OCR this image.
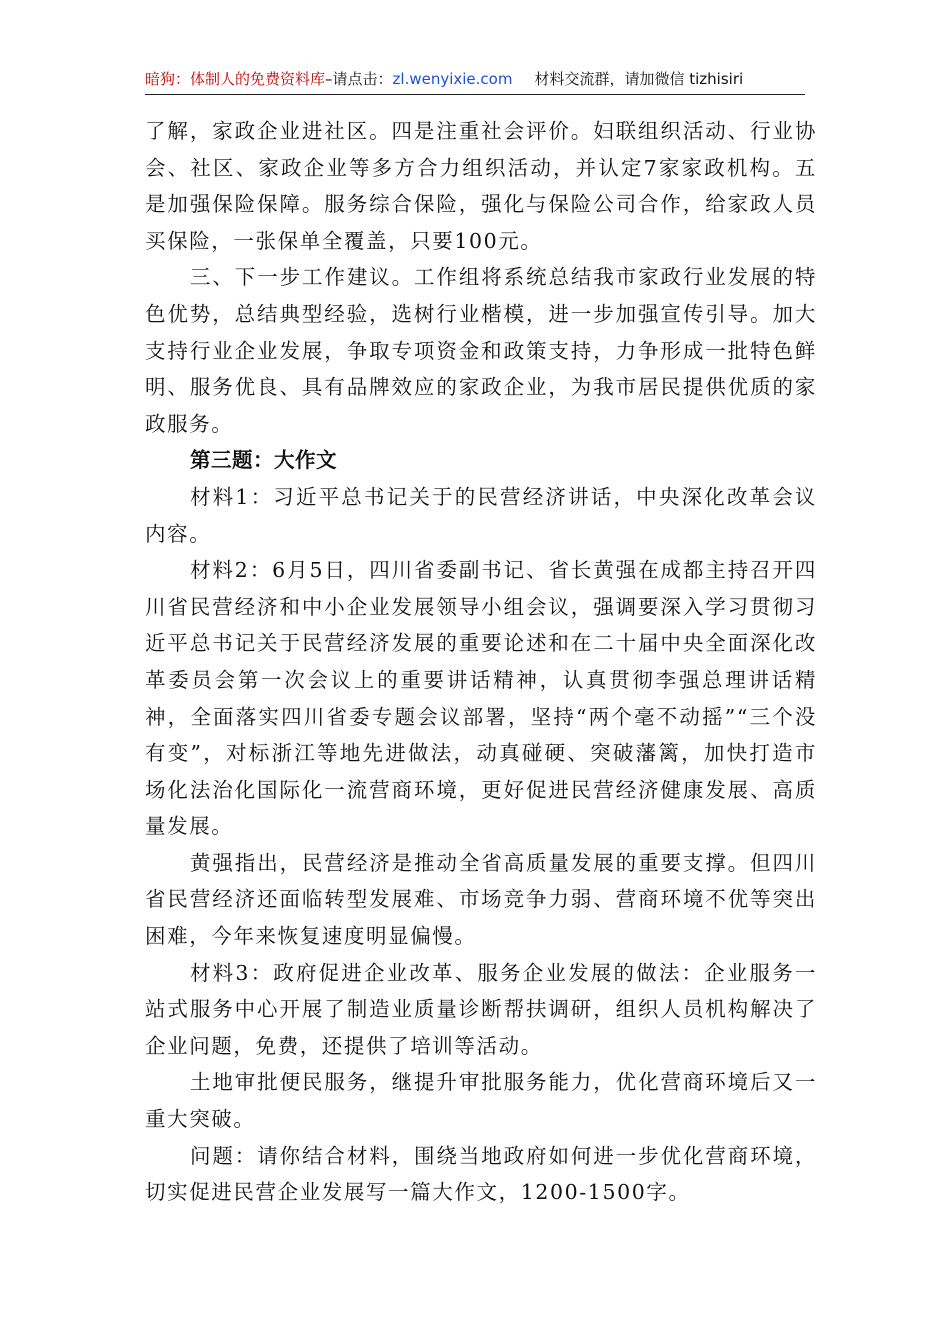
暗狗：体制人的免费资料库–请点击：zl.wenyixie.com 材料交流群，请加微信 tizhisiri

了解，家政企业进社区。四是注重社会评价。妇联组织活动、行业协会、社区、家政企业等多方合力组织活动，并认定7家家政机构。五是加强保险保障。服务综合保险，强化与保险公司合作，给家政人员买保险，一张保单全覆盖，只要100元。

三、下一步工作建议。工作组将系统总结我市家政行业发展的特色优势，总结典型经验，选树行业楷模，进一步加强宣传引导。加大支持行业企业发展，争取专项资金和政策支持，力争形成一批特色鲜明、服务优良、具有品牌效应的家政企业，为我市居民提供优质的家政服务。

第三题：大作文

材料1：习近平总书记关于的民营经济讲话，中央深化改革会议内容。

材料2：6月5日，四川省委副书记、省长黄强在成都主持召开四川省民营经济和中小企业发展领导小组会议，强调要深入学习贯彻习近平总书记关于民营经济发展的重要论述和在二十届中央全面深化改革委员会第一次会议上的重要讲话精神，认真贯彻李强总理讲话精神，全面落实四川省委专题会议部署，坚持“两个毫不动摇”“三个没有变”，对标浙江等地先进做法，动真碰硬、突破藩篱，加快打造市场化法治化国际化一流营商环境，更好促进民营经济健康发展、高质量发展。

黄强指出，民营经济是推动全省高质量发展的重要支撑。但四川省民营经济还面临转型发展难、市场竞争力弱、营商环境不优等突出困难，今年来恢复速度明显偏慢。

材料3：政府促进企业改革、服务企业发展的做法：企业服务一站式服务中心开展了制造业质量诊断帮扶调研，组织人员机构解决了企业问题，免费，还提供了培训等活动。

土地审批便民服务，继提升审批服务能力，优化营商环境后又一重大突破。

问题：请你结合材料，围绕当地政府如何进一步优化营商环境，切实促进民营企业发展写一篇大作文，1200-1500字。
